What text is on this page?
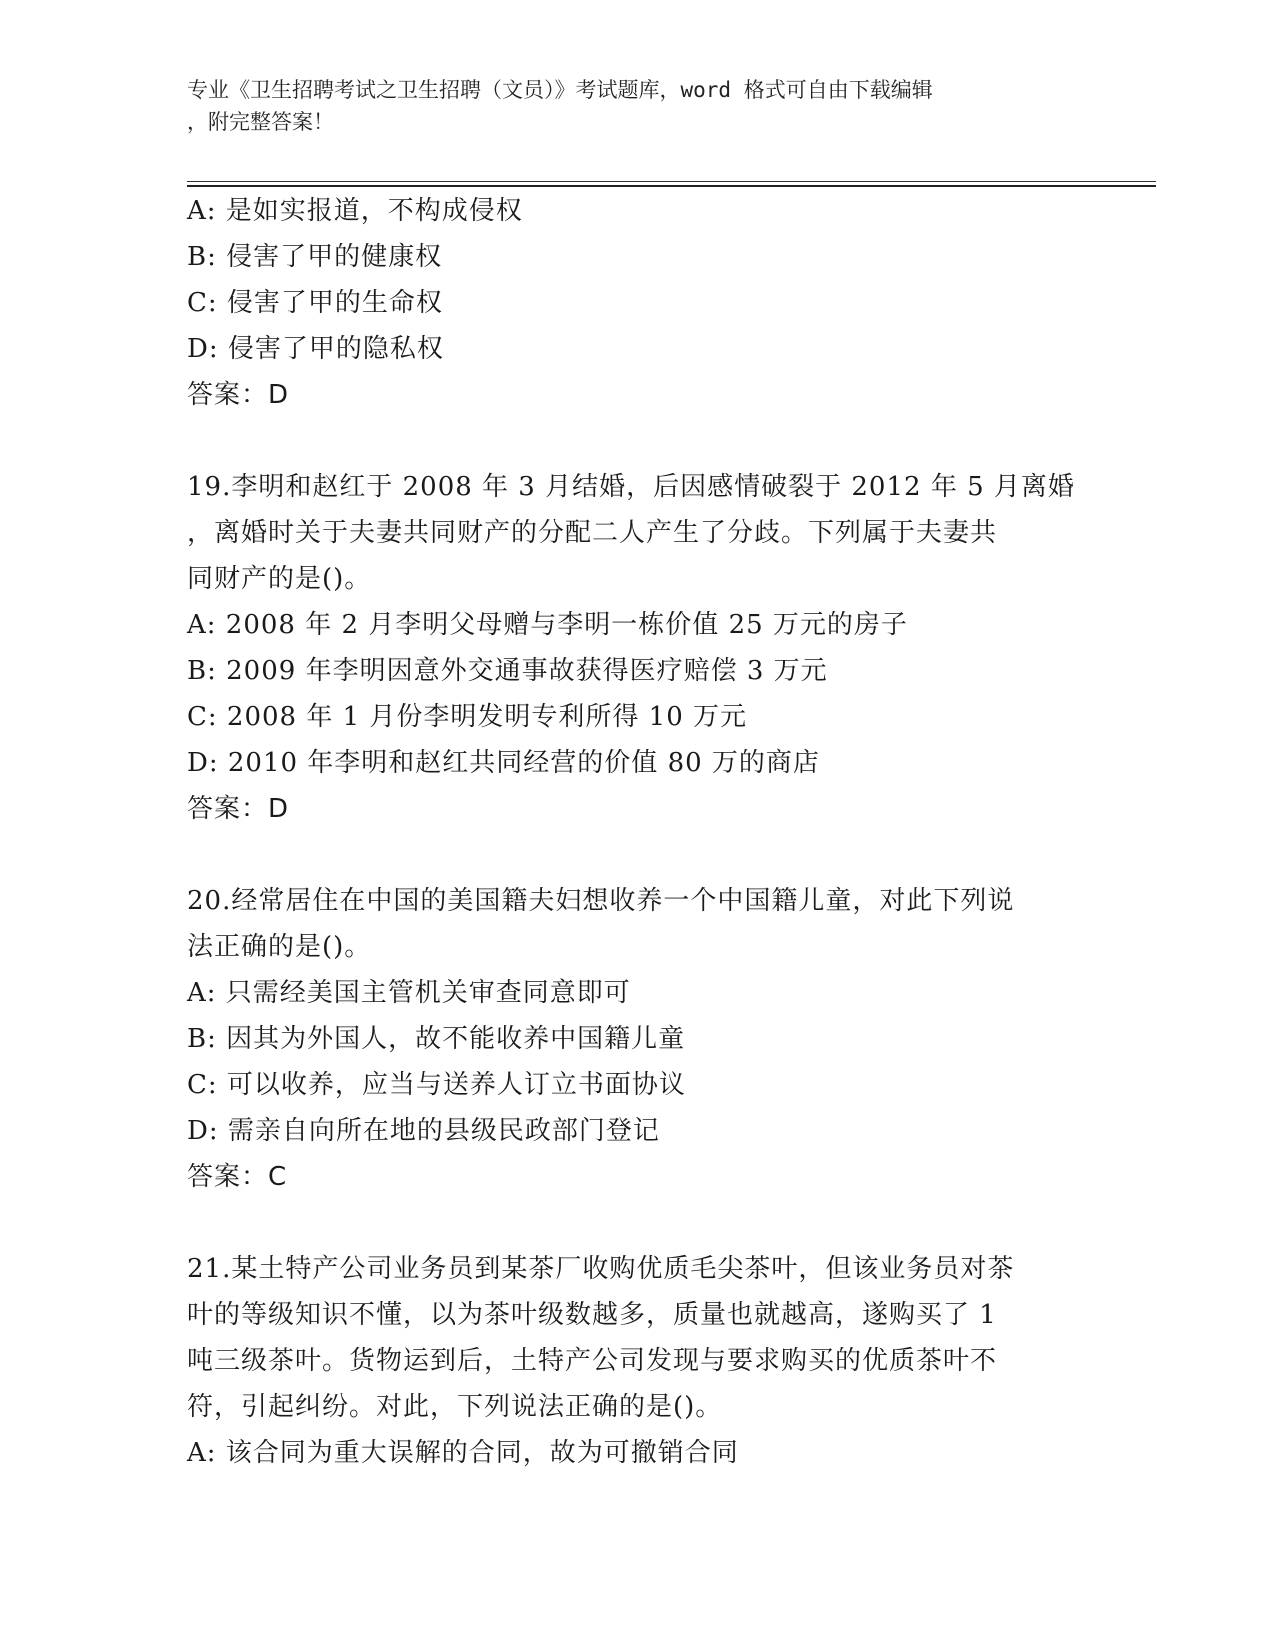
专业《卫生招聘考试之卫生招聘（文员）》考试题库，word 格式可自由下载编辑
，附完整答案！
A: 是如实报道，不构成侵权
B: 侵害了甲的健康权
C: 侵害了甲的生命权
D: 侵害了甲的隐私权
答案：D
19.李明和赵红于 2008 年 3 月结婚，后因感情破裂于 2012 年 5 月离婚
，离婚时关于夫妻共同财产的分配二人产生了分歧。下列属于夫妻共
同财产的是()。
A: 2008 年 2 月李明父母赠与李明一栋价值 25 万元的房子
B: 2009 年李明因意外交通事故获得医疗赔偿 3 万元
C: 2008 年 1 月份李明发明专利所得 10 万元
D: 2010 年李明和赵红共同经营的价值 80 万的商店
答案：D
20.经常居住在中国的美国籍夫妇想收养一个中国籍儿童，对此下列说
法正确的是()。
A: 只需经美国主管机关审查同意即可
B: 因其为外国人，故不能收养中国籍儿童
C: 可以收养，应当与送养人订立书面协议
D: 需亲自向所在地的县级民政部门登记
答案：C
21.某土特产公司业务员到某茶厂收购优质毛尖茶叶，但该业务员对茶
叶的等级知识不懂，以为茶叶级数越多，质量也就越高，遂购买了 1
吨三级茶叶。货物运到后，土特产公司发现与要求购买的优质茶叶不
符，引起纠纷。对此，下列说法正确的是()。
A: 该合同为重大误解的合同，故为可撤销合同
